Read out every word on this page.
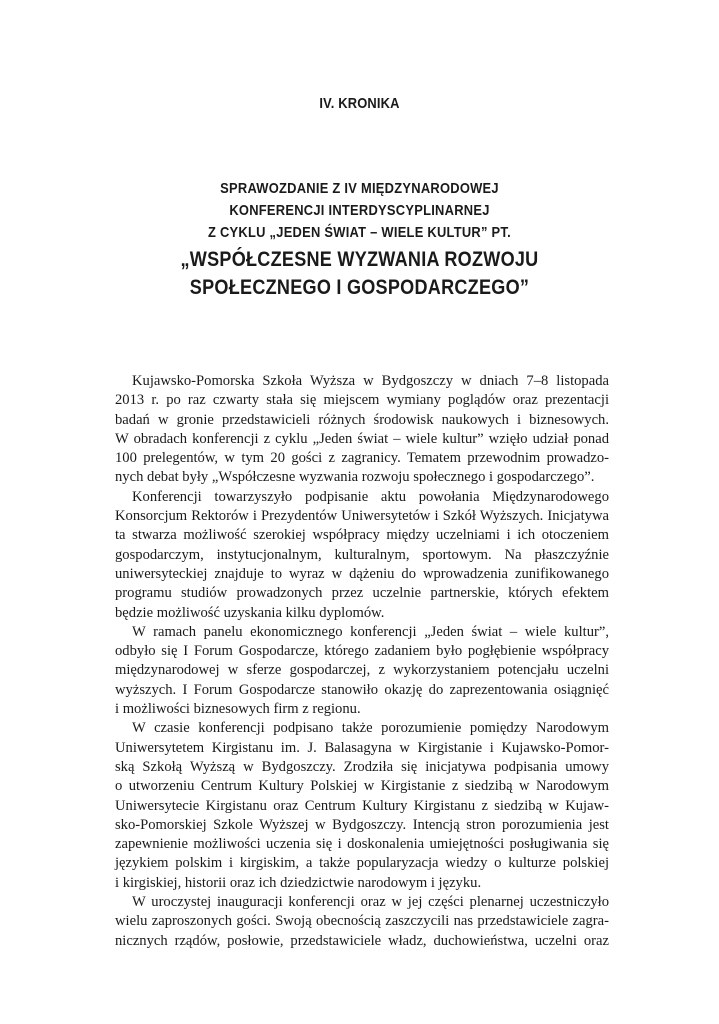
IV. KRONIKA

SPRAWOZDANIE Z IV MIĘDZYNARODOWEJ

KONFERENCJI INTERDYSCYPLINARNEJ

Z CYKLU „JEDEN ŚWIAT – WIELE KULTUR” PT.

„WSPÓŁCZESNE WYZWANIA ROZWOJU

SPOŁECZNEGO I GOSPODARCZEGO”

Kujawsko-Pomorska Szkoła Wyższa w Bydgoszczy w dniach 7–8 listopada
2013 r. po raz czwarty stała się miejscem wymiany poglądów oraz prezentacji
badań w gronie przedstawicieli różnych środowisk naukowych i biznesowych.
W obradach konferencji z cyklu „Jeden świat – wiele kultur” wzięło udział ponad
100 prelegentów, w tym 20 gości z zagranicy. Tematem przewodnim prowadzo-
nych debat były „Współczesne wyzwania rozwoju społecznego i gospodarczego”.

Konferencji towarzyszyło podpisanie aktu powołania Międzynarodowego
Konsorcjum Rektorów i Prezydentów Uniwersytetów i Szkół Wyższych. Inicjatywa
ta stwarza możliwość szerokiej współpracy między uczelniami i ich otoczeniem
gospodarczym, instytucjonalnym, kulturalnym, sportowym. Na płaszczyźnie
uniwersyteckiej znajduje to wyraz w dążeniu do wprowadzenia zunifikowanego
programu studiów prowadzonych przez uczelnie partnerskie, których efektem
będzie możliwość uzyskania kilku dyplomów.

W ramach panelu ekonomicznego konferencji „Jeden świat – wiele kultur”,
odbyło się I Forum Gospodarcze, którego zadaniem było pogłębienie współpracy
międzynarodowej w sferze gospodarczej, z wykorzystaniem potencjału uczelni
wyższych. I Forum Gospodarcze stanowiło okazję do zaprezentowania osiągnięć
i możliwości biznesowych firm z regionu.

W czasie konferencji podpisano także porozumienie pomiędzy Narodowym
Uniwersytetem Kirgistanu im. J. Balasagyna w Kirgistanie i Kujawsko-Pomor-
ską Szkołą Wyższą w Bydgoszczy. Zrodziła się inicjatywa podpisania umowy
o utworzeniu Centrum Kultury Polskiej w Kirgistanie z siedzibą w Narodowym
Uniwersytecie Kirgistanu oraz Centrum Kultury Kirgistanu z siedzibą w Kujaw-
sko-Pomorskiej Szkole Wyższej w Bydgoszczy. Intencją stron porozumienia jest
zapewnienie możliwości uczenia się i doskonalenia umiejętności posługiwania się
językiem polskim i kirgiskim, a także popularyzacja wiedzy o kulturze polskiej
i kirgiskiej, historii oraz ich dziedzictwie narodowym i języku.

W uroczystej inauguracji konferencji oraz w jej części plenarnej uczestniczyło
wielu zaproszonych gości. Swoją obecnością zaszczycili nas przedstawiciele zagra-
nicznych rządów, posłowie, przedstawiciele władz, duchowieństwa, uczelni oraz
